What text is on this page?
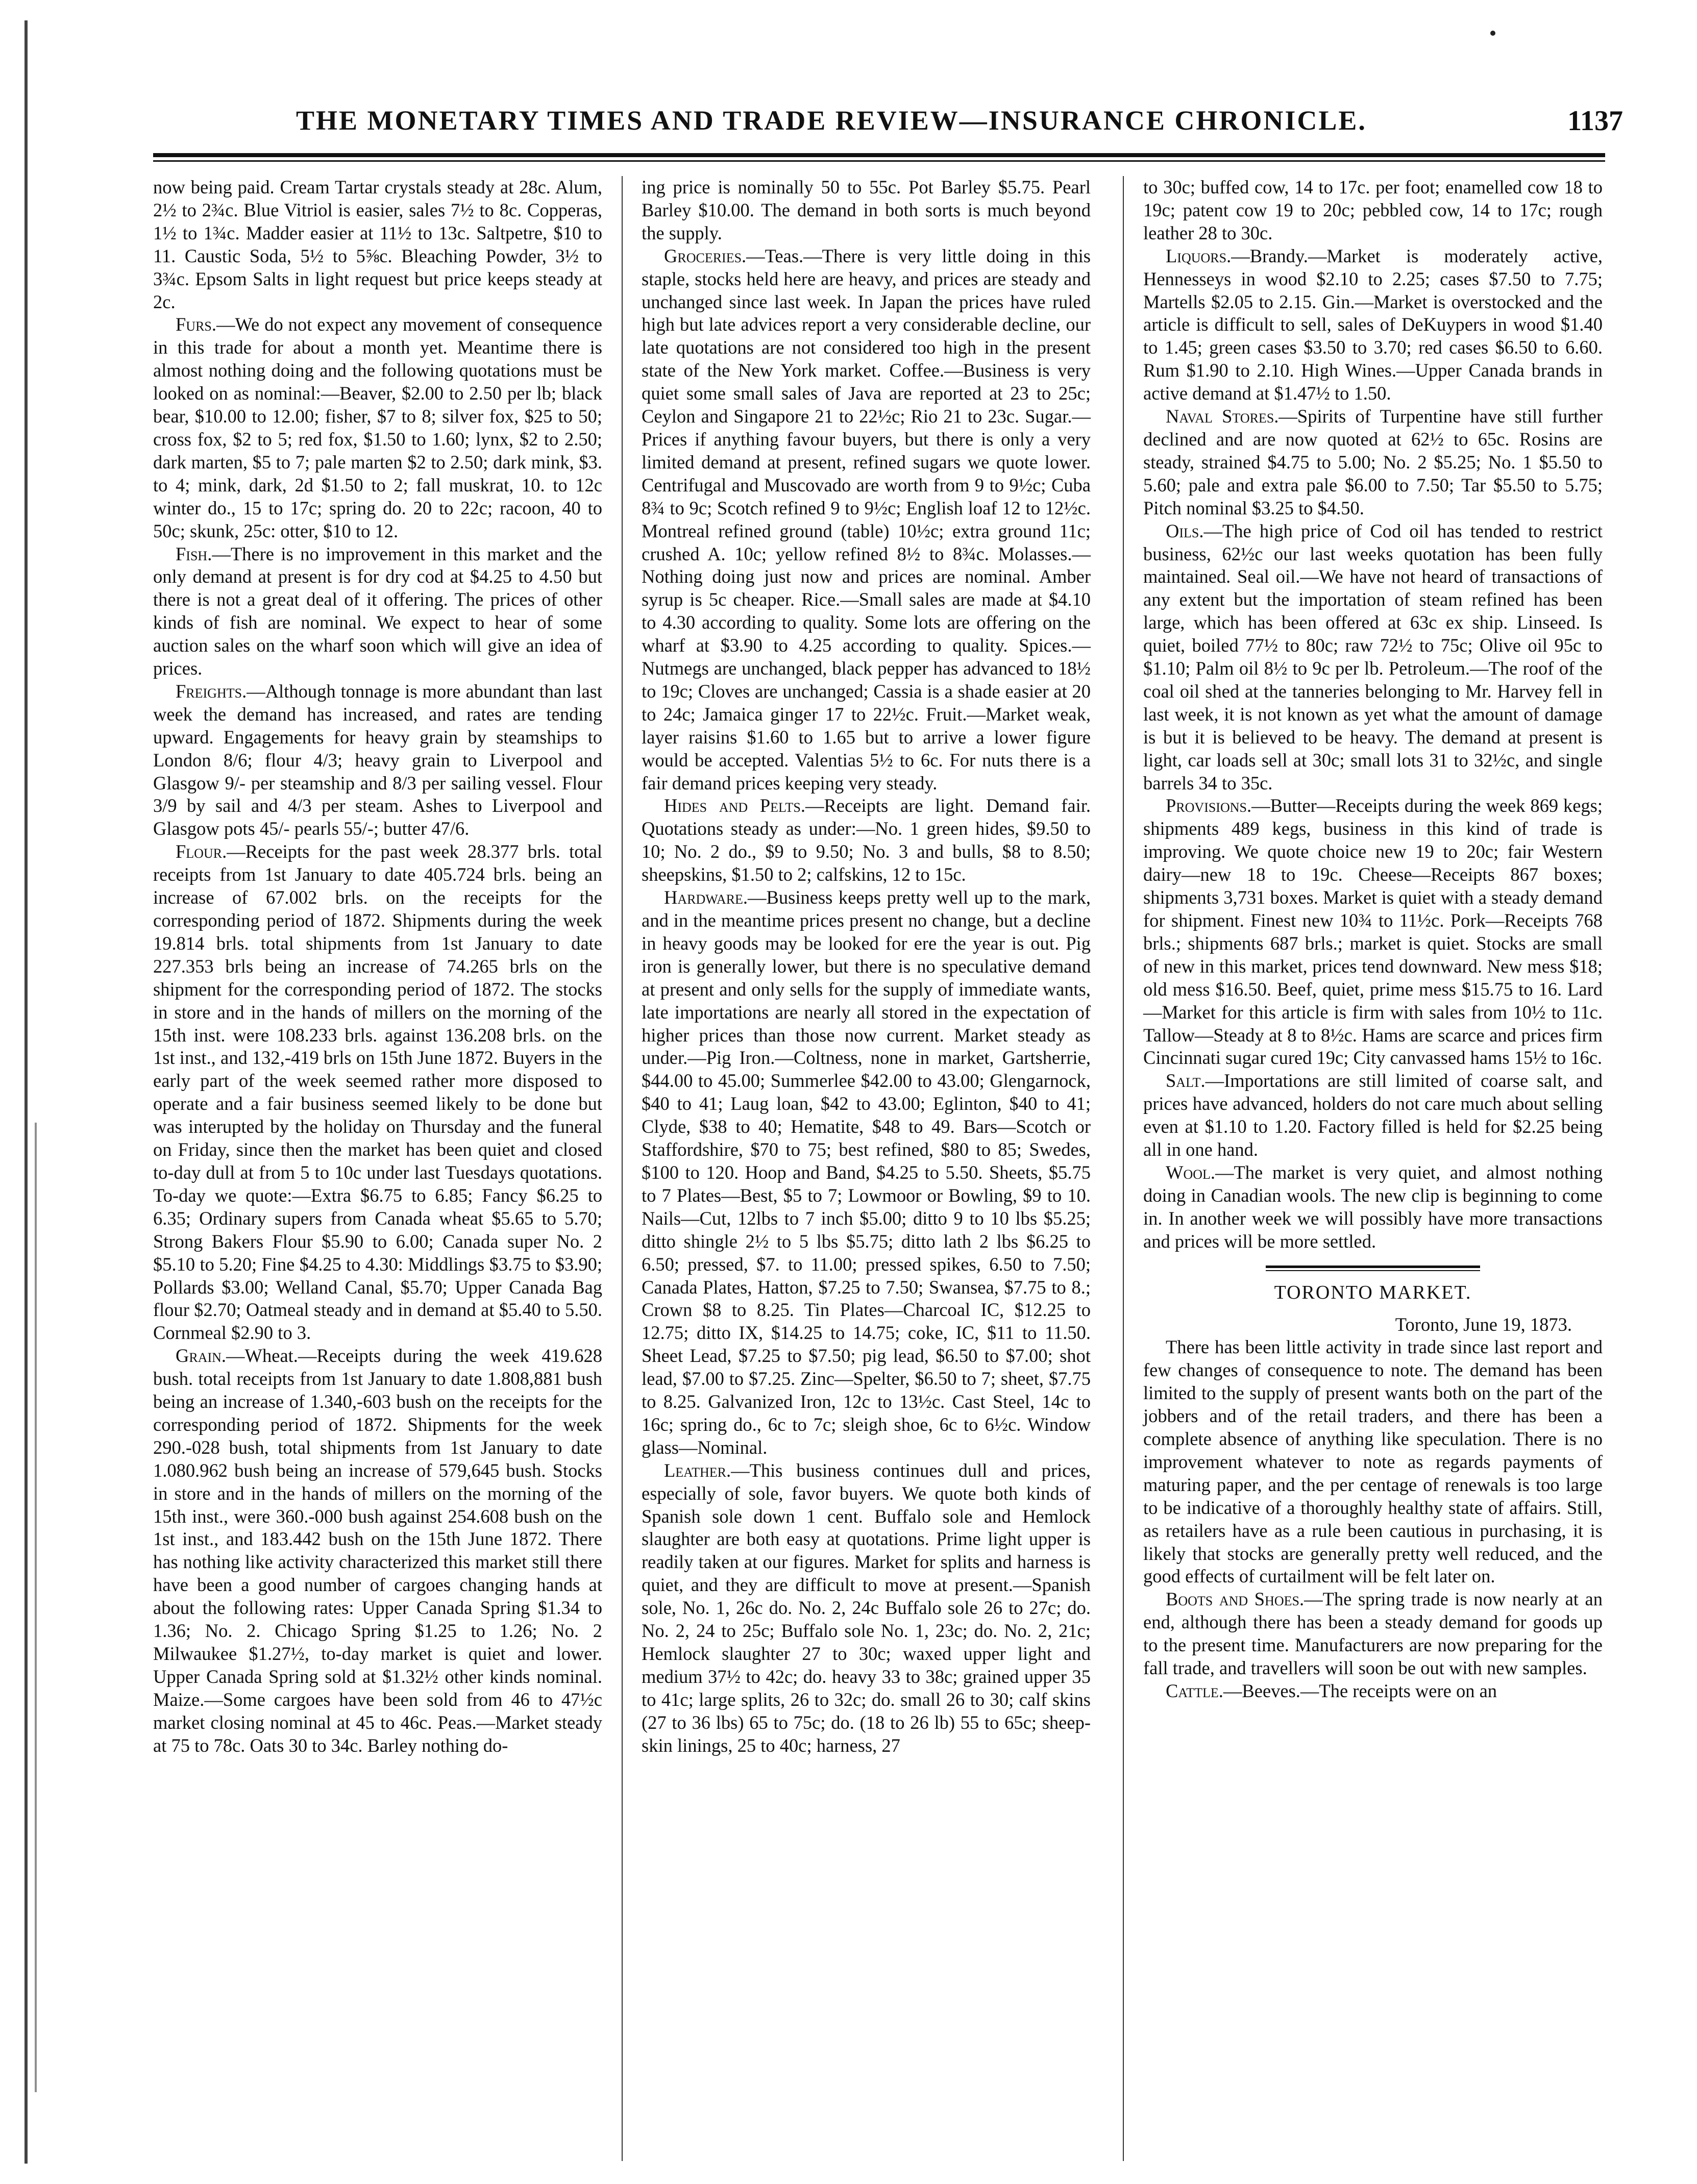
THE MONETARY TIMES AND TRADE REVIEW—INSURANCE CHRONICLE.	1137

now being paid. Cream Tartar crystals steady at 28c. Alum, 2½ to 2¾c. Blue Vitriol is easier, sales 7½ to 8c. Copperas, 1½ to 1¾c. Madder easier at 11½ to 13c. Saltpetre, $10 to 11. Caustic Soda, 5½ to 5⅝c. Bleaching Powder, 3½ to 3¾c. Epsom Salts in light request but price keeps steady at 2c.

Furs.—We do not expect any movement of consequence in this trade for about a month yet. Meantime there is almost nothing doing and the following quotations must be looked on as nominal:—Beaver, $2.00 to 2.50 per lb; black bear, $10.00 to 12.00; fisher, $7 to 8; silver fox, $25 to 50; cross fox, $2 to 5; red fox, $1.50 to 1.60; lynx, $2 to 2.50; dark marten, $5 to 7; pale marten $2 to 2.50; dark mink, $3. to 4; mink, dark, 2d $1.50 to 2; fall muskrat, 10. to 12c winter do., 15 to 17c; spring do. 20 to 22c; racoon, 40 to 50c; skunk, 25c: otter, $10 to 12.

Fish.—There is no improvement in this market and the only demand at present is for dry cod at $4.25 to 4.50 but there is not a great deal of it offering. The prices of other kinds of fish are nominal. We expect to hear of some auction sales on the wharf soon which will give an idea of prices.

Freights.—Although tonnage is more abundant than last week the demand has increased, and rates are tending upward. Engagements for heavy grain by steamships to London 8/6; flour 4/3; heavy grain to Liverpool and Glasgow 9/- per steamship and 8/3 per sailing vessel. Flour 3/9 by sail and 4/3 per steam. Ashes to Liverpool and Glasgow pots 45/- pearls 55/-; butter 47/6.

Flour.—Receipts for the past week 28.377 brls. total receipts from 1st January to date 405.724 brls. being an increase of 67.002 brls. on the receipts for the corresponding period of 1872. Shipments during the week 19.814 brls. total shipments from 1st January to date 227.353 brls being an increase of 74.265 brls on the shipment for the corresponding period of 1872. The stocks in store and in the hands of millers on the morning of the 15th inst. were 108.233 brls. against 136.208 brls. on the 1st inst., and 132,-419 brls on 15th June 1872. Buyers in the early part of the week seemed rather more disposed to operate and a fair business seemed likely to be done but was interupted by the holiday on Thursday and the funeral on Friday, since then the market has been quiet and closed to-day dull at from 5 to 10c under last Tuesdays quotations. To-day we quote:—Extra $6.75 to 6.85; Fancy $6.25 to 6.35; Ordinary supers from Canada wheat $5.65 to 5.70; Strong Bakers Flour $5.90 to 6.00; Canada super No. 2 $5.10 to 5.20; Fine $4.25 to 4.30: Middlings $3.75 to $3.90; Pollards $3.00; Welland Canal, $5.70; Upper Canada Bag flour $2.70; Oatmeal steady and in demand at $5.40 to 5.50. Cornmeal $2.90 to 3.

Grain.—Wheat.—Receipts during the week 419.628 bush. total receipts from 1st January to date 1.808,881 bush being an increase of 1.340,-603 bush on the receipts for the corresponding period of 1872. Shipments for the week 290.-028 bush, total shipments from 1st January to date 1.080.962 bush being an increase of 579,645 bush. Stocks in store and in the hands of millers on the morning of the 15th inst., were 360.-000 bush against 254.608 bush on the 1st inst., and 183.442 bush on the 15th June 1872. There has nothing like activity characterized this market still there have been a good number of cargoes changing hands at about the following rates: Upper Canada Spring $1.34 to 1.36; No. 2. Chicago Spring $1.25 to 1.26; No. 2 Milwaukee $1.27½, to-day market is quiet and lower. Upper Canada Spring sold at $1.32½ other kinds nominal. Maize.—Some cargoes have been sold from 46 to 47½c market closing nominal at 45 to 46c. Peas.—Market steady at 75 to 78c. Oats 30 to 34c. Barley nothing do-

ing price is nominally 50 to 55c. Pot Barley $5.75. Pearl Barley $10.00. The demand in both sorts is much beyond the supply.

Groceries.—Teas.—There is very little doing in this staple, stocks held here are heavy, and prices are steady and unchanged since last week. In Japan the prices have ruled high but late advices report a very considerable decline, our late quotations are not considered too high in the present state of the New York market. Coffee.—Business is very quiet some small sales of Java are reported at 23 to 25c; Ceylon and Singapore 21 to 22½c; Rio 21 to 23c. Sugar.—Prices if anything favour buyers, but there is only a very limited demand at present, refined sugars we quote lower. Centrifugal and Muscovado are worth from 9 to 9½c; Cuba 8¾ to 9c; Scotch refined 9 to 9½c; English loaf 12 to 12½c. Montreal refined ground (table) 10½c; extra ground 11c; crushed A. 10c; yellow refined 8½ to 8¾c. Molasses.—Nothing doing just now and prices are nominal. Amber syrup is 5c cheaper. Rice.—Small sales are made at $4.10 to 4.30 according to quality. Some lots are offering on the wharf at $3.90 to 4.25 according to quality. Spices.—Nutmegs are unchanged, black pepper has advanced to 18½ to 19c; Cloves are unchanged; Cassia is a shade easier at 20 to 24c; Jamaica ginger 17 to 22½c. Fruit.—Market weak, layer raisins $1.60 to 1.65 but to arrive a lower figure would be accepted. Valentias 5½ to 6c. For nuts there is a fair demand prices keeping very steady.

Hides and Pelts.—Receipts are light. Demand fair. Quotations steady as under:—No. 1 green hides, $9.50 to 10; No. 2 do., $9 to 9.50; No. 3 and bulls, $8 to 8.50; sheepskins, $1.50 to 2; calfskins, 12 to 15c.

Hardware.—Business keeps pretty well up to the mark, and in the meantime prices present no change, but a decline in heavy goods may be looked for ere the year is out. Pig iron is generally lower, but there is no speculative demand at present and only sells for the supply of immediate wants, late importations are nearly all stored in the expectation of higher prices than those now current. Market steady as under.—Pig Iron.—Coltness, none in market, Gartsherrie, $44.00 to 45.00; Summerlee $42.00 to 43.00; Glengarnock, $40 to 41; Laug loan, $42 to 43.00; Eglinton, $40 to 41; Clyde, $38 to 40; Hematite, $48 to 49. Bars—Scotch or Staffordshire, $70 to 75; best refined, $80 to 85; Swedes, $100 to 120. Hoop and Band, $4.25 to 5.50. Sheets, $5.75 to 7 Plates—Best, $5 to 7; Lowmoor or Bowling, $9 to 10. Nails—Cut, 12lbs to 7 inch $5.00; ditto 9 to 10 lbs $5.25; ditto shingle 2½ to 5 lbs $5.75; ditto lath 2 lbs $6.25 to 6.50; pressed, $7. to 11.00; pressed spikes, 6.50 to 7.50; Canada Plates, Hatton, $7.25 to 7.50; Swansea, $7.75 to 8.; Crown $8 to 8.25. Tin Plates—Charcoal IC, $12.25 to 12.75; ditto IX, $14.25 to 14.75; coke, IC, $11 to 11.50. Sheet Lead, $7.25 to $7.50; pig lead, $6.50 to $7.00; shot lead, $7.00 to $7.25. Zinc—Spelter, $6.50 to 7; sheet, $7.75 to 8.25. Galvanized Iron, 12c to 13½c. Cast Steel, 14c to 16c; spring do., 6c to 7c; sleigh shoe, 6c to 6½c. Window glass—Nominal.

Leather.—This business continues dull and prices, especially of sole, favor buyers. We quote both kinds of Spanish sole down 1 cent. Buffalo sole and Hemlock slaughter are both easy at quotations. Prime light upper is readily taken at our figures. Market for splits and harness is quiet, and they are difficult to move at present.—Spanish sole, No. 1, 26c do. No. 2, 24c Buffalo sole 26 to 27c; do. No. 2, 24 to 25c; Buffalo sole No. 1, 23c; do. No. 2, 21c; Hemlock slaughter 27 to 30c; waxed upper light and medium 37½ to 42c; do. heavy 33 to 38c; grained upper 35 to 41c; large splits, 26 to 32c; do. small 26 to 30; calf skins (27 to 36 lbs) 65 to 75c; do. (18 to 26 lb) 55 to 65c; sheep-skin linings, 25 to 40c; harness, 27

to 30c; buffed cow, 14 to 17c. per foot; enamelled cow 18 to 19c; patent cow 19 to 20c; pebbled cow, 14 to 17c; rough leather 28 to 30c.

Liquors.—Brandy.—Market is moderately active, Hennesseys in wood $2.10 to 2.25; cases $7.50 to 7.75; Martells $2.05 to 2.15. Gin.—Market is overstocked and the article is difficult to sell, sales of DeKuypers in wood $1.40 to 1.45; green cases $3.50 to 3.70; red cases $6.50 to 6.60. Rum $1.90 to 2.10. High Wines.—Upper Canada brands in active demand at $1.47½ to 1.50.

Naval Stores.—Spirits of Turpentine have still further declined and are now quoted at 62½ to 65c. Rosins are steady, strained $4.75 to 5.00; No. 2 $5.25; No. 1 $5.50 to 5.60; pale and extra pale $6.00 to 7.50; Tar $5.50 to 5.75; Pitch nominal $3.25 to $4.50.

Oils.—The high price of Cod oil has tended to restrict business, 62½c our last weeks quotation has been fully maintained. Seal oil.—We have not heard of transactions of any extent but the importation of steam refined has been large, which has been offered at 63c ex ship. Linseed. Is quiet, boiled 77½ to 80c; raw 72½ to 75c; Olive oil 95c to $1.10; Palm oil 8½ to 9c per lb. Petroleum.—The roof of the coal oil shed at the tanneries belonging to Mr. Harvey fell in last week, it is not known as yet what the amount of damage is but it is believed to be heavy. The demand at present is light, car loads sell at 30c; small lots 31 to 32½c, and single barrels 34 to 35c.

Provisions.—Butter—Receipts during the week 869 kegs; shipments 489 kegs, business in this kind of trade is improving. We quote choice new 19 to 20c; fair Western dairy—new 18 to 19c. Cheese—Receipts 867 boxes; shipments 3,731 boxes. Market is quiet with a steady demand for shipment. Finest new 10¾ to 11½c. Pork—Receipts 768 brls.; shipments 687 brls.; market is quiet. Stocks are small of new in this market, prices tend downward. New mess $18; old mess $16.50. Beef, quiet, prime mess $15.75 to 16. Lard—Market for this article is firm with sales from 10½ to 11c. Tallow—Steady at 8 to 8½c. Hams are scarce and prices firm Cincinnati sugar cured 19c; City canvassed hams 15½ to 16c.

Salt.—Importations are still limited of coarse salt, and prices have advanced, holders do not care much about selling even at $1.10 to 1.20. Factory filled is held for $2.25 being all in one hand.

Wool.—The market is very quiet, and almost nothing doing in Canadian wools. The new clip is beginning to come in. In another week we will possibly have more transactions and prices will be more settled.

TORONTO MARKET.

Toronto, June 19, 1873.

There has been little activity in trade since last report and few changes of consequence to note. The demand has been limited to the supply of present wants both on the part of the jobbers and of the retail traders, and there has been a complete absence of anything like speculation. There is no improvement whatever to note as regards payments of maturing paper, and the per centage of renewals is too large to be indicative of a thoroughly healthy state of affairs. Still, as retailers have as a rule been cautious in purchasing, it is likely that stocks are generally pretty well reduced, and the good effects of curtailment will be felt later on.

Boots and Shoes.—The spring trade is now nearly at an end, although there has been a steady demand for goods up to the present time. Manufacturers are now preparing for the fall trade, and travellers will soon be out with new samples.

Cattle.—Beeves.—The receipts were on an
